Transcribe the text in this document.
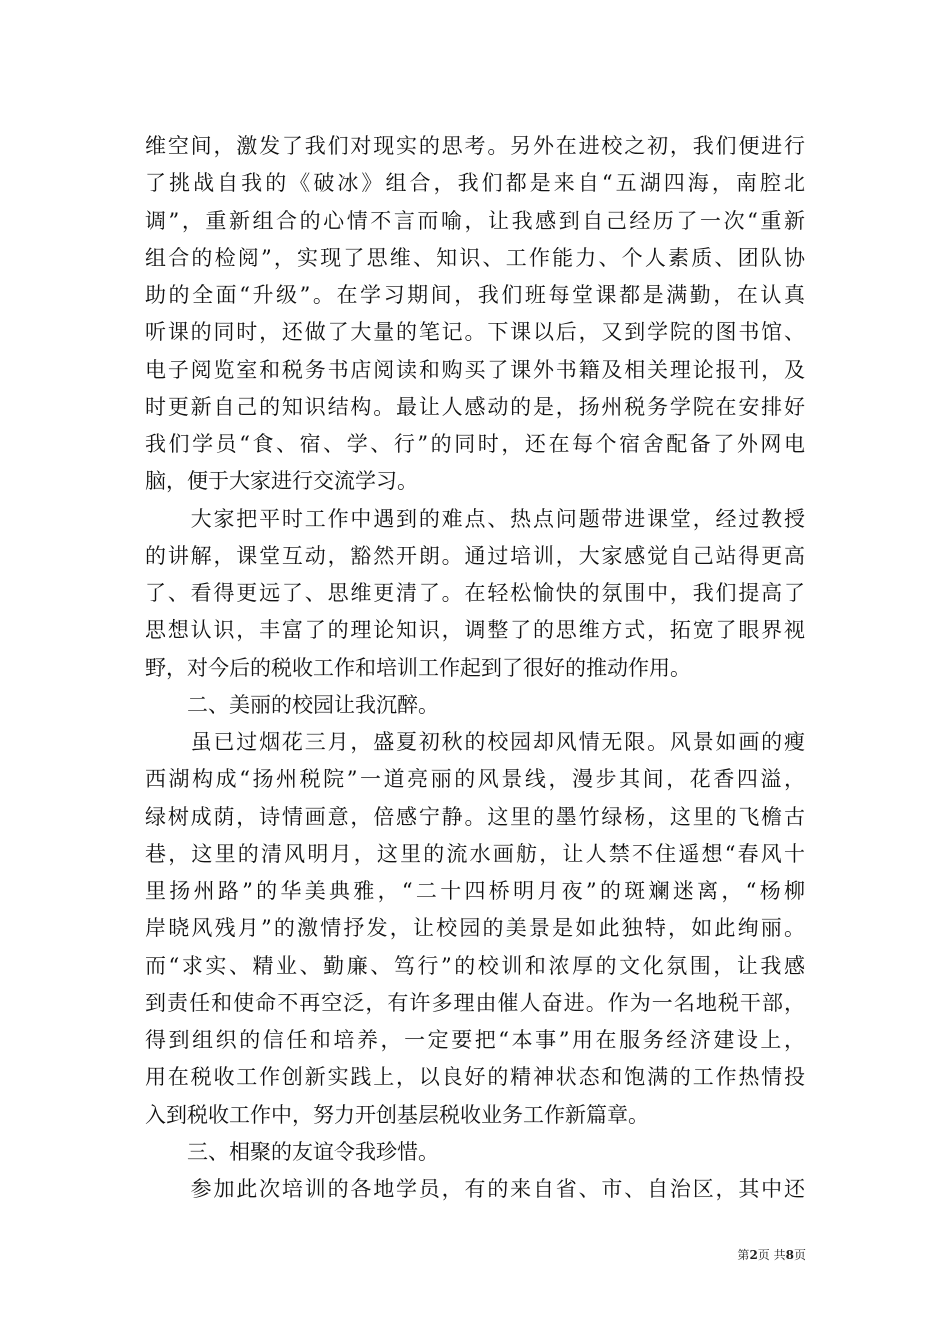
维空间，激发了我们对现实的思考。另外在进校之初，我们便进行
了挑战自我的《破冰》组合，我们都是来自“五湖四海，南腔北
调”，重新组合的心情不言而喻，让我感到自己经历了一次“重新
组合的检阅”，实现了思维、知识、工作能力、个人素质、团队协
助的全面“升级”。在学习期间，我们班每堂课都是满勤，在认真
听课的同时，还做了大量的笔记。下课以后，又到学院的图书馆、
电子阅览室和税务书店阅读和购买了课外书籍及相关理论报刊，及
时更新自己的知识结构。最让人感动的是，扬州税务学院在安排好
我们学员“食、宿、学、行”的同时，还在每个宿舍配备了外网电
脑，便于大家进行交流学习。
　　大家把平时工作中遇到的难点、热点问题带进课堂，经过教授
的讲解，课堂互动，豁然开朗。通过培训，大家感觉自己站得更高
了、看得更远了、思维更清了。在轻松愉快的氛围中，我们提高了
思想认识，丰富了的理论知识，调整了的思维方式，拓宽了眼界视
野，对今后的税收工作和培训工作起到了很好的推动作用。
　　二、美丽的校园让我沉醉。
　　虽已过烟花三月，盛夏初秋的校园却风情无限。风景如画的瘦
西湖构成“扬州税院”一道亮丽的风景线，漫步其间，花香四溢，
绿树成荫，诗情画意，倍感宁静。这里的墨竹绿杨，这里的飞檐古
巷，这里的清风明月，这里的流水画舫，让人禁不住遥想“春风十
里扬州路”的华美典雅，“二十四桥明月夜”的斑斓迷离，“杨柳
岸晓风残月”的激情抒发，让校园的美景是如此独特，如此绚丽。
而“求实、精业、勤廉、笃行”的校训和浓厚的文化氛围，让我感
到责任和使命不再空泛，有许多理由催人奋进。作为一名地税干部，
得到组织的信任和培养，一定要把“本事”用在服务经济建设上，
用在税收工作创新实践上，以良好的精神状态和饱满的工作热情投
入到税收工作中，努力开创基层税收业务工作新篇章。
　　三、相聚的友谊令我珍惜。
　　参加此次培训的各地学员，有的来自省、市、自治区，其中还
第2页 共8页
